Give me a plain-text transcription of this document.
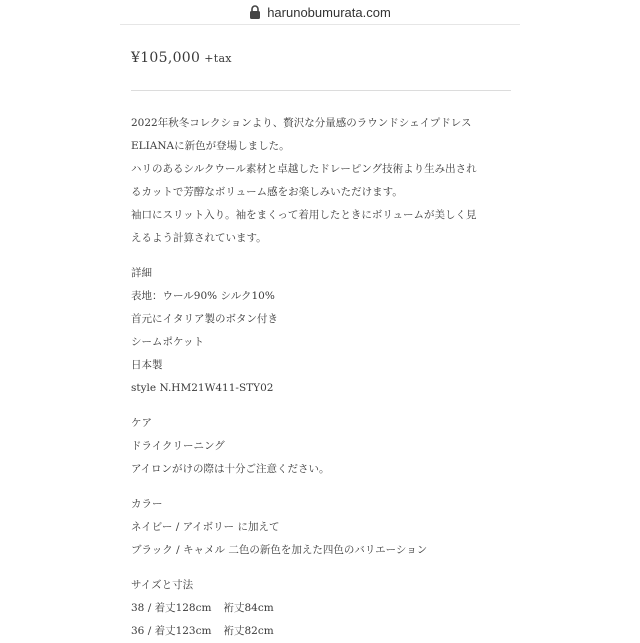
harunobumurata.com
¥105,000 +tax

2022年秋冬コレクションより、贅沢な分量感のラウンドシェイプドレス

ELIANAに新色が登場しました。

ハリのあるシルクウール素材と卓越したドレーピング技術より生み出され

るカットで芳醇なボリューム感をお楽しみいただけます。

袖口にスリット入り。袖をまくって着用したときにボリュームが美しく見

えるよう計算されています。

詳細

表地：ウール90% シルク10%

首元にイタリア製のボタン付き

シームポケット

日本製

style N.HM21W411-STY02

ケア

ドライクリーニング

アイロンがけの際は十分ご注意ください。

カラー

ネイビー / アイボリー に加えて

ブラック / キャメル 二色の新色を加えた四色のバリエーション

サイズと寸法

38 / 着丈128cm 裄丈84cm

36 / 着丈123cm 裄丈82cm
